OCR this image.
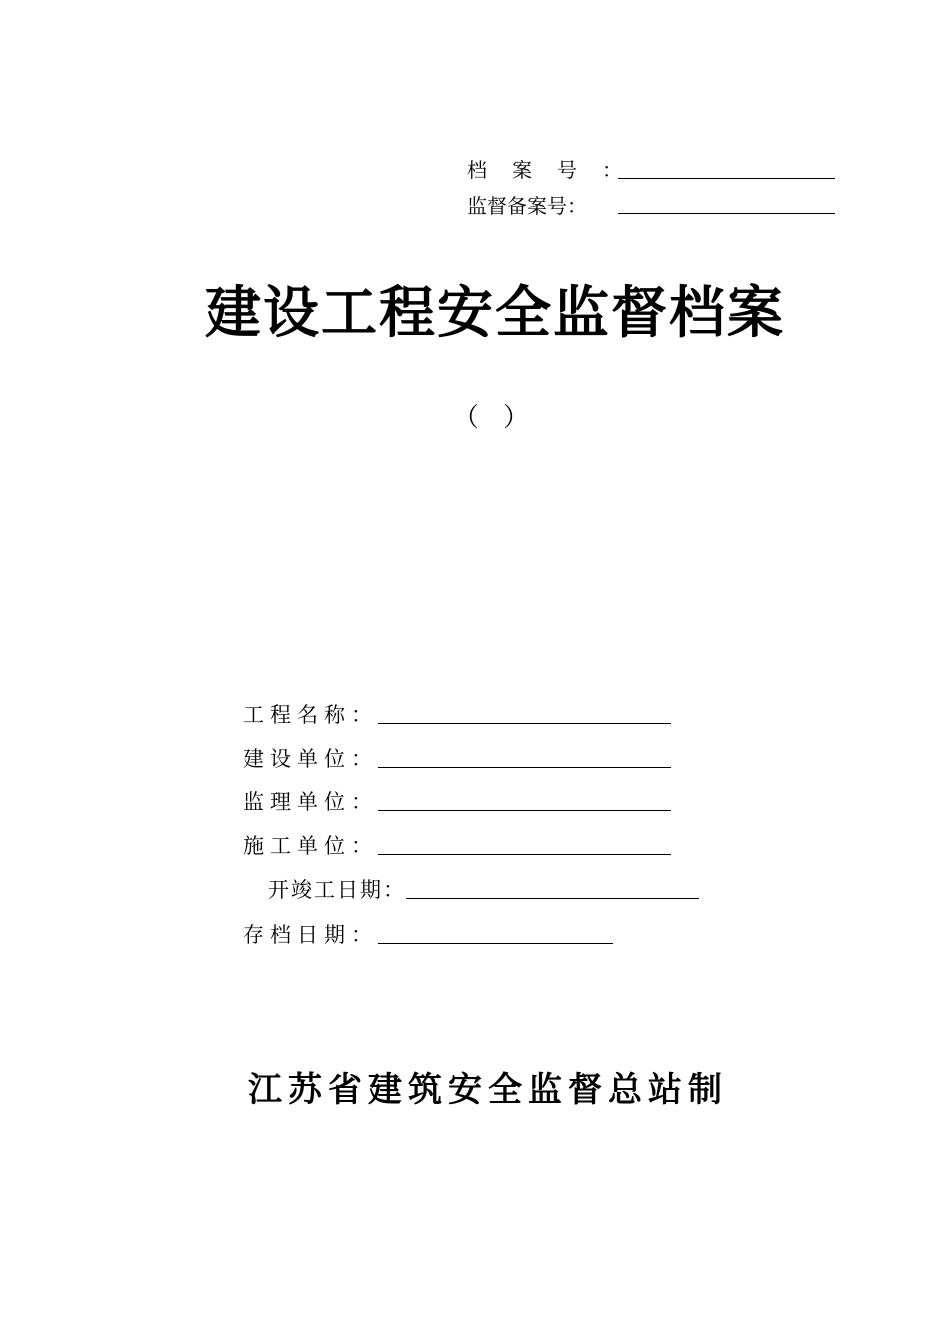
档案号：
监督备案号：
建设工程安全监督档案
（ ）
工程名称：
建设单位：
监理单位：
施工单位：
开竣工日期：
存档日期：
江苏省建筑安全监督总站制
